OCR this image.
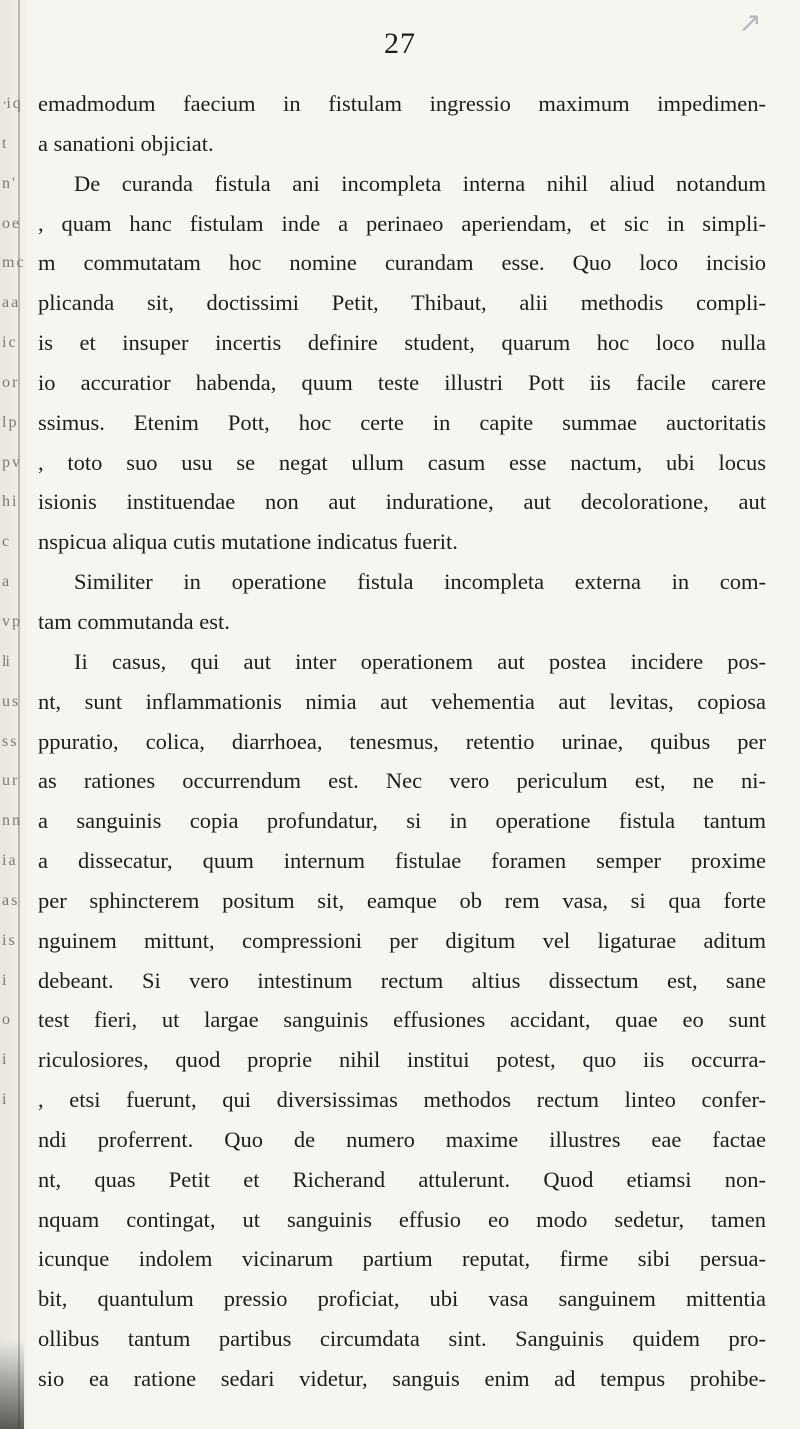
↗
27
·i q emadmodum faecium in fistulam ingressio maximum impedimen-
t	a sanationi objiciat.
n '	De curanda fistula ani incompleta interna nihil aliud notandum
o e , quam hanc fistulam inde a perinaeo aperiendam, et sic in simpli-
m c m commutatam hoc nomine curandam esse. Quo loco incisio
a a plicanda sit, doctissimi Petit, Thibaut, alii methodis compli-
i c	is et insuper incertis definire student, quarum hoc loco nulla
o r io accuratior habenda, quum teste illustri Pott iis facile carere
l p	ssimus. Etenim Pott, hoc certe in capite summae auctoritatis
p v , toto suo usu se negat ullum casum esse nactum, ubi locus
h i	isionis instituendae non aut induratione, aut decoloratione, aut
c	nspicua aliqua cutis mutatione indicatus fuerit.
a	Similiter in operatione fistula incompleta externa in com-
v p tam commutanda est.
li	Ii casus, qui aut inter operationem aut postea incidere pos-
u s nt, sunt inflammationis nimia aut vehementia aut levitas, copiosa
s s	ppuratio, colica, diarrhoea, tenesmus, retentio urinae, quibus per
u r as rationes occurrendum est. Nec vero periculum est, ne ni-
n n a sanguinis copia profundatur, si in operatione fistula tantum
i a	a dissecatur, quum internum fistulae foramen semper proxime
a s per sphincterem positum sit, eamque ob rem vasa, si qua forte
i s	nguinem mittunt, compressioni per digitum vel ligaturae aditum
i	debeant. Si vero intestinum rectum altius dissectum est, sane
o	test fieri, ut largae sanguinis effusiones accidant, quae eo sunt
i	riculosiores, quod proprie nihil institui potest, quo iis occurra-
i	, etsi fuerunt, qui diversissimas methodos rectum linteo confer-
ndi proferrent. Quo de numero maxime illustres eae factae
nt, quas Petit et Richerand attulerunt. Quod etiamsi non-
nquam contingat, ut sanguinis effusio eo modo sedetur, tamen
icunque indolem vicinarum partium reputat, firme sibi persua-
bit, quantulum pressio proficiat, ubi vasa sanguinem mittentia
ollibus tantum partibus circumdata sint. Sanguinis quidem pro-
sio ea ratione sedari videtur, sanguis enim ad tempus prohibe-
